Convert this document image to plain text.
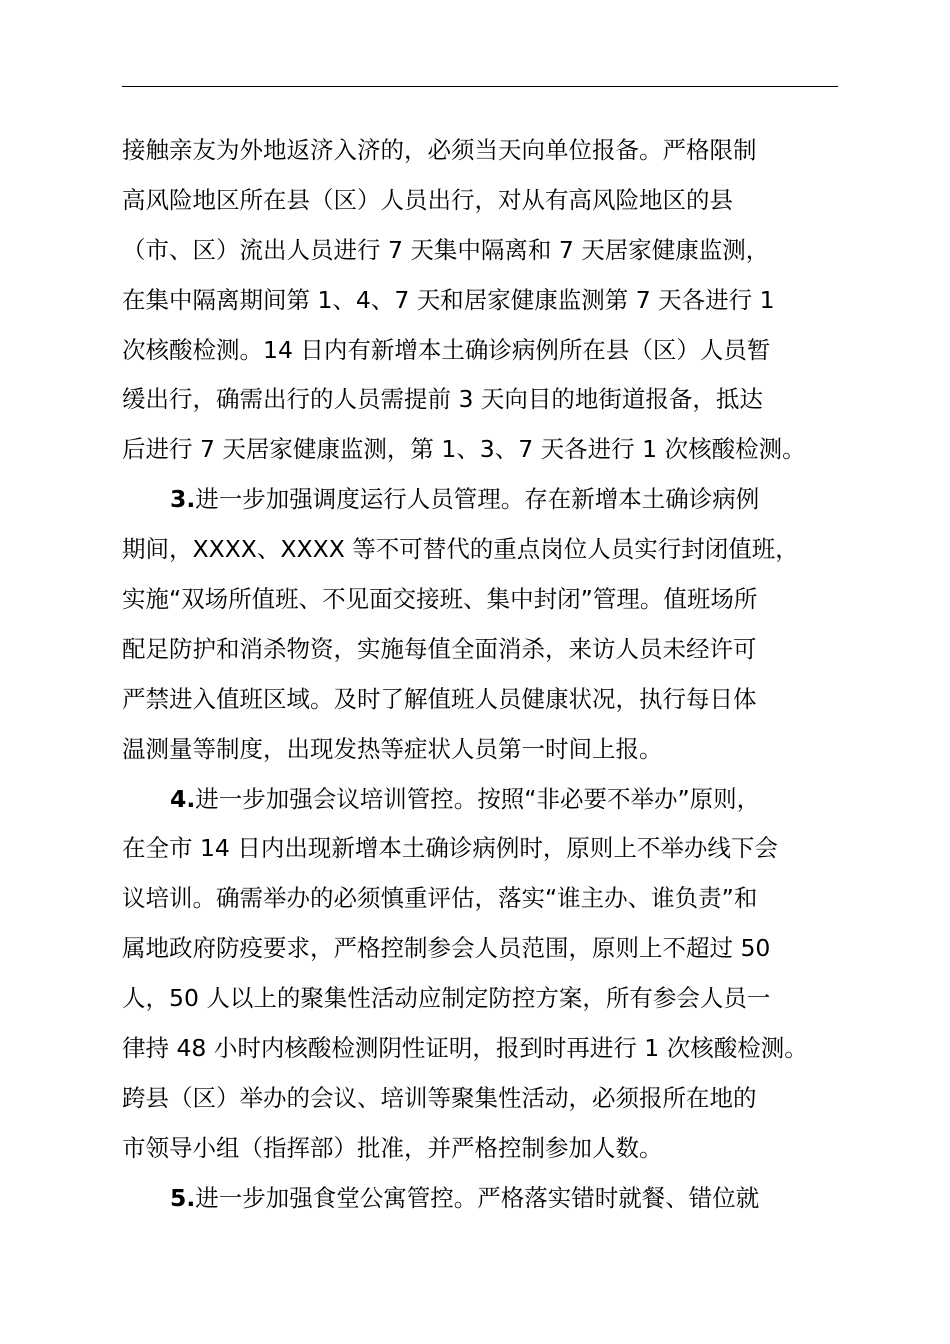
接触亲友为外地返济入济的，必须当天向单位报备。严格限制
高风险地区所在县（区）人员出行，对从有高风险地区的县
（市、区）流出人员进行 7 天集中隔离和 7 天居家健康监测，
在集中隔离期间第 1、4、7 天和居家健康监测第 7 天各进行 1
次核酸检测。14 日内有新增本土确诊病例所在县（区）人员暂
缓出行，确需出行的人员需提前 3 天向目的地街道报备，抵达
后进行 7 天居家健康监测，第 1、3、7 天各进行 1 次核酸检测。
3.进一步加强调度运行人员管理。存在新增本土确诊病例
期间，XXXX、XXXX 等不可替代的重点岗位人员实行封闭值班，
实施“双场所值班、不见面交接班、集中封闭”管理。值班场所
配足防护和消杀物资，实施每值全面消杀，来访人员未经许可
严禁进入值班区域。及时了解值班人员健康状况，执行每日体
温测量等制度，出现发热等症状人员第一时间上报。
4.进一步加强会议培训管控。按照“非必要不举办”原则，
在全市 14 日内出现新增本土确诊病例时，原则上不举办线下会
议培训。确需举办的必须慎重评估，落实“谁主办、谁负责”和
属地政府防疫要求，严格控制参会人员范围，原则上不超过 50
人，50 人以上的聚集性活动应制定防控方案，所有参会人员一
律持 48 小时内核酸检测阴性证明，报到时再进行 1 次核酸检测。
跨县（区）举办的会议、培训等聚集性活动，必须报所在地的
市领导小组（指挥部）批准，并严格控制参加人数。
5.进一步加强食堂公寓管控。严格落实错时就餐、错位就
